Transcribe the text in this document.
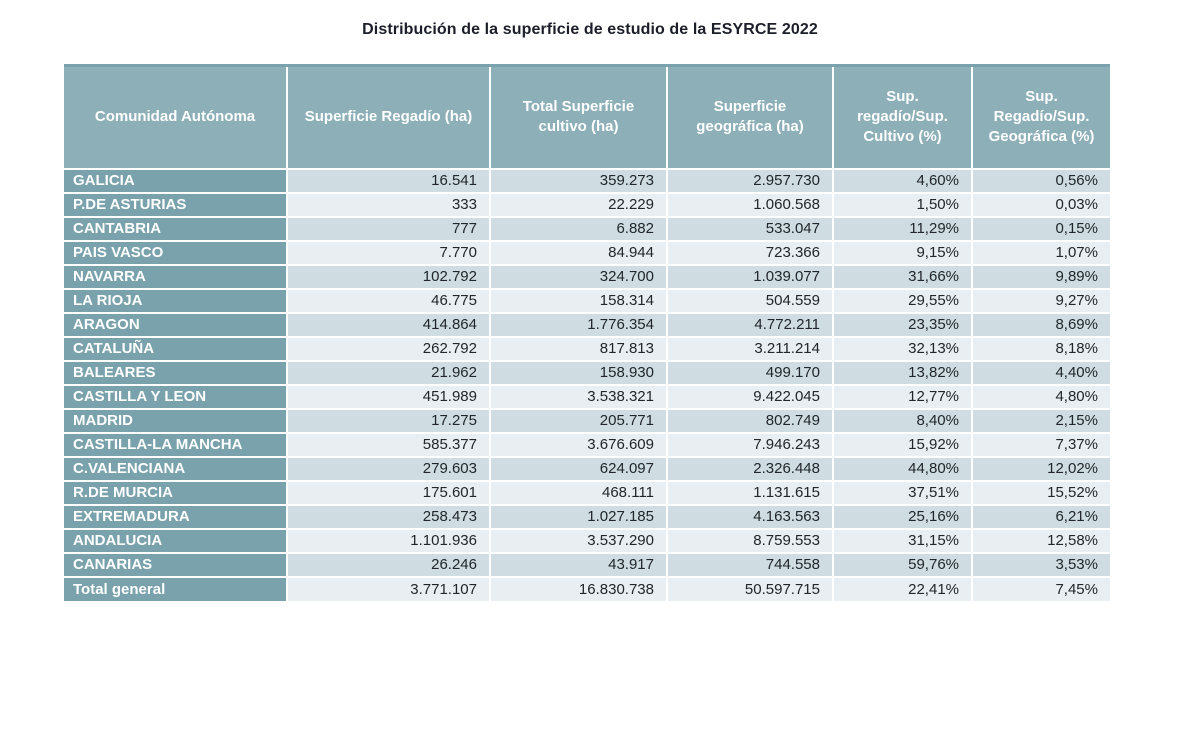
Distribución de la superficie de estudio de la ESYRCE 2022
Comunidad Autónoma	Superficie Regadío (ha)	Total Superficie cultivo (ha)	Superficie geográfica (ha)	Sup. regadío/Sup. Cultivo (%)	Sup. Regadío/Sup. Geográfica (%)
GALICIA	16.541	359.273	2.957.730	4,60%	0,56%
P.DE ASTURIAS	333	22.229	1.060.568	1,50%	0,03%
CANTABRIA	777	6.882	533.047	11,29%	0,15%
PAIS VASCO	7.770	84.944	723.366	9,15%	1,07%
NAVARRA	102.792	324.700	1.039.077	31,66%	9,89%
LA RIOJA	46.775	158.314	504.559	29,55%	9,27%
ARAGON	414.864	1.776.354	4.772.211	23,35%	8,69%
CATALUÑA	262.792	817.813	3.211.214	32,13%	8,18%
BALEARES	21.962	158.930	499.170	13,82%	4,40%
CASTILLA Y LEON	451.989	3.538.321	9.422.045	12,77%	4,80%
MADRID	17.275	205.771	802.749	8,40%	2,15%
CASTILLA-LA MANCHA	585.377	3.676.609	7.946.243	15,92%	7,37%
C.VALENCIANA	279.603	624.097	2.326.448	44,80%	12,02%
R.DE MURCIA	175.601	468.111	1.131.615	37,51%	15,52%
EXTREMADURA	258.473	1.027.185	4.163.563	25,16%	6,21%
ANDALUCIA	1.101.936	3.537.290	8.759.553	31,15%	12,58%
CANARIAS	26.246	43.917	744.558	59,76%	3,53%
Total general	3.771.107	16.830.738	50.597.715	22,41%	7,45%
